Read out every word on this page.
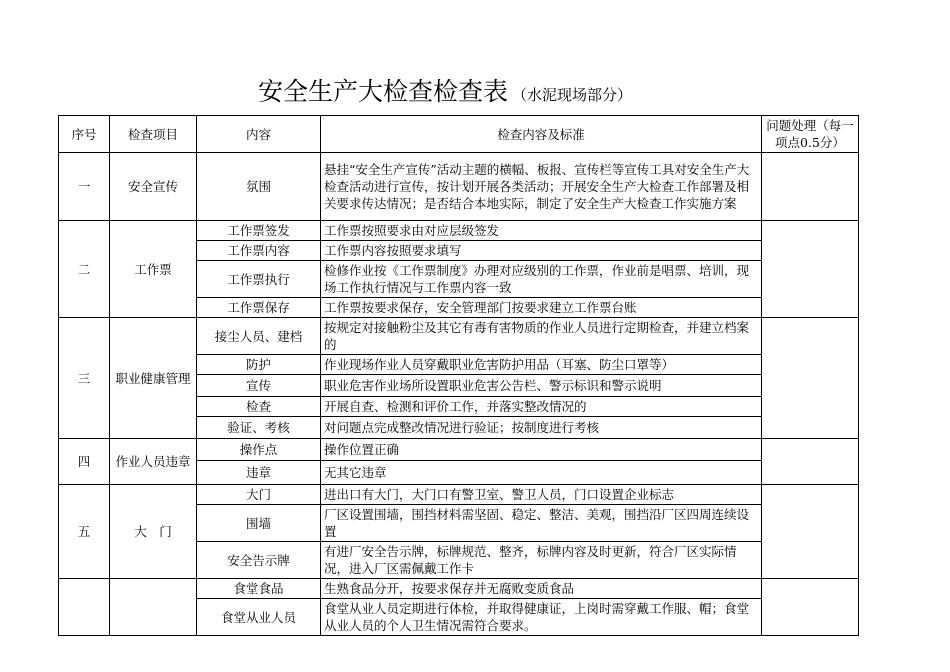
安全生产大检查检查表 （水泥现场部分）
序号	检查项目	内容	检查内容及标准	问题处理（每一项点0.5分）
一	安全宣传	氛围	悬挂“安全生产宣传”活动主题的横幅、板报、宣传栏等宣传工具对安全生产大检查活动进行宣传，按计划开展各类活动；开展安全生产大检查工作部署及相关要求传达情况；是否结合本地实际，制定了安全生产大检查工作实施方案	
二	工作票	工作票签发	工作票按照要求由对应层级签发	
		工作票内容	工作票内容按照要求填写	
		工作票执行	检修作业按《工作票制度》办理对应级别的工作票，作业前是唱票、培训，现场工作执行情况与工作票内容一致	
		工作票保存	工作票按要求保存，安全管理部门按要求建立工作票台账	
三	职业健康管理	接尘人员、建档	按规定对接触粉尘及其它有毒有害物质的作业人员进行定期检查，并建立档案的	
		防护	作业现场作业人员穿戴职业危害防护用品（耳塞、防尘口罩等）	
		宣传	职业危害作业场所设置职业危害公告栏、警示标识和警示说明	
		检查	开展自查、检测和评价工作，并落实整改情况的	
		验证、考核	对问题点完成整改情况进行验证；按制度进行考核	
四	作业人员违章	操作点	操作位置正确	
		违章	无其它违章	
五	大　门	大门	进出口有大门，大门口有警卫室、警卫人员，门口设置企业标志	
		围墙	厂区设置围墙，围挡材料需坚固、稳定、整洁、美观，围挡沿厂区四周连续设置	
		安全告示牌	有进厂安全告示牌，标牌规范、整齐，标牌内容及时更新，符合厂区实际情况，进入厂区需佩戴工作卡	
		食堂食品	生熟食品分开，按要求保存并无腐败变质食品	
		食堂从业人员	食堂从业人员定期进行体检，并取得健康证，上岗时需穿戴工作服、帽；食堂从业人员的个人卫生情况需符合要求。	
